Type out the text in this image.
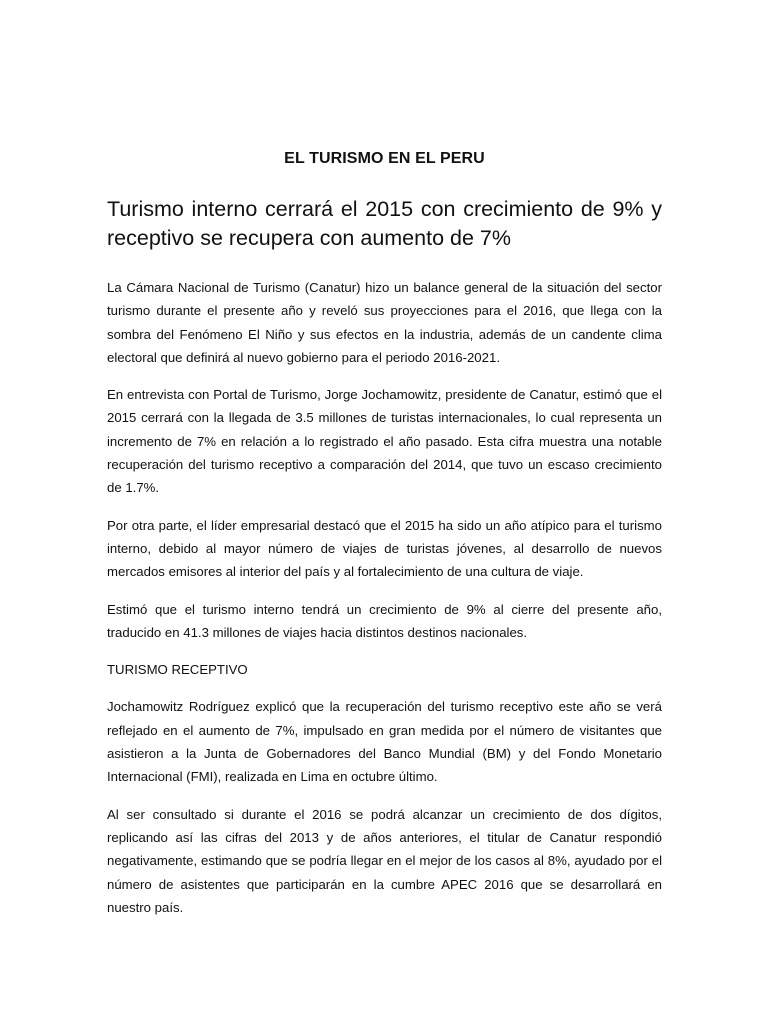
EL TURISMO EN EL PERU
Turismo interno cerrará el 2015 con crecimiento de 9% y receptivo se recupera con aumento de 7%

La Cámara Nacional de Turismo (Canatur) hizo un balance general de la situación del sector turismo durante el presente año y reveló sus proyecciones para el 2016, que llega con la sombra del Fenómeno El Niño y sus efectos en la industria, además de un candente clima electoral que definirá al nuevo gobierno para el periodo 2016-2021.

En entrevista con Portal de Turismo, Jorge Jochamowitz, presidente de Canatur, estimó que el 2015 cerrará con la llegada de 3.5 millones de turistas internacionales, lo cual representa un incremento de 7% en relación a lo registrado el año pasado. Esta cifra muestra una notable recuperación del turismo receptivo a comparación del 2014, que tuvo un escaso crecimiento de 1.7%.

Por otra parte, el líder empresarial destacó que el 2015 ha sido un año atípico para el turismo interno, debido al mayor número de viajes de turistas jóvenes, al desarrollo de nuevos mercados emisores al interior del país y al fortalecimiento de una cultura de viaje.

Estimó que el turismo interno tendrá un crecimiento de 9% al cierre del presente año, traducido en 41.3 millones de viajes hacia distintos destinos nacionales.

TURISMO RECEPTIVO

Jochamowitz Rodríguez explicó que la recuperación del turismo receptivo este año se verá reflejado en el aumento de 7%, impulsado en gran medida por el número de visitantes que asistieron a la Junta de Gobernadores del Banco Mundial (BM) y del Fondo Monetario Internacional (FMI), realizada en Lima en octubre último.

Al ser consultado si durante el 2016 se podrá alcanzar un crecimiento de dos dígitos, replicando así las cifras del 2013 y de años anteriores, el titular de Canatur respondió negativamente, estimando que se podría llegar en el mejor de los casos al 8%, ayudado por el número de asistentes que participarán en la cumbre APEC 2016 que se desarrollará en nuestro país.
